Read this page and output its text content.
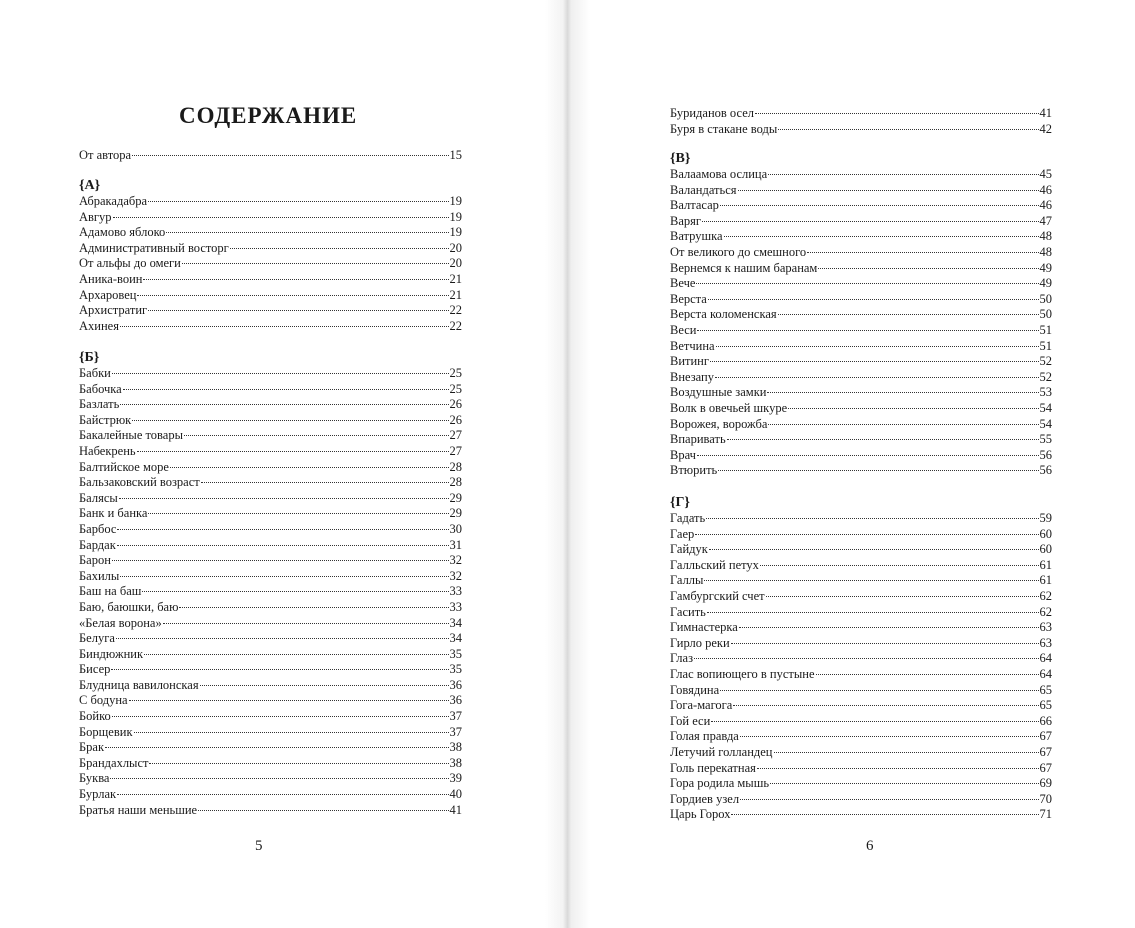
СОДЕРЖАНИЕ
От автора	15
{А}
Абракадабра	19
Авгур	19
Адамово яблоко	19
Административный восторг	20
От альфы до омеги	20
Аника-воин	21
Архаровец	21
Архистратиг	22
Ахинея	22
{Б}
Бабки	25
Бабочка	25
Базлать	26
Байстрюк	26
Бакалейные товары	27
Набекрень	27
Балтийское море	28
Бальзаковский возраст	28
Балясы	29
Банк и банка	29
Барбос	30
Бардак	31
Барон	32
Бахилы	32
Баш на баш	33
Баю, баюшки, баю	33
«Белая ворона»	34
Белуга	34
Биндюжник	35
Бисер	35
Блудница вавилонская	36
С бодуна	36
Бойко	37
Борщевик	37
Брак	38
Брандахлыст	38
Буква	39
Бурлак	40
Братья наши меньшие	41
5
Буриданов осел	41
Буря в стакане воды	42
{В}
Валаамова ослица	45
Валандаться	46
Валтасар	46
Варяг	47
Ватрушка	48
От великого до смешного	48
Вернемся к нашим баранам	49
Вече	49
Верста	50
Верста коломенская	50
Веси	51
Ветчина	51
Витинг	52
Внезапу	52
Воздушные замки	53
Волк в овечьей шкуре	54
Ворожея, ворожба	54
Впаривать	55
Врач	56
Втюрить	56
{Г}
Гадать	59
Гаер	60
Гайдук	60
Галльский петух	61
Галлы	61
Гамбургский счет	62
Гасить	62
Гимнастерка	63
Гирло реки	63
Глаз	64
Глас вопиющего в пустыне	64
Говядина	65
Гога-магога	65
Гой еси	66
Голая правда	67
Летучий голландец	67
Голь перекатная	67
Гора родила мышь	69
Гордиев узел	70
Царь Горох	71
6
